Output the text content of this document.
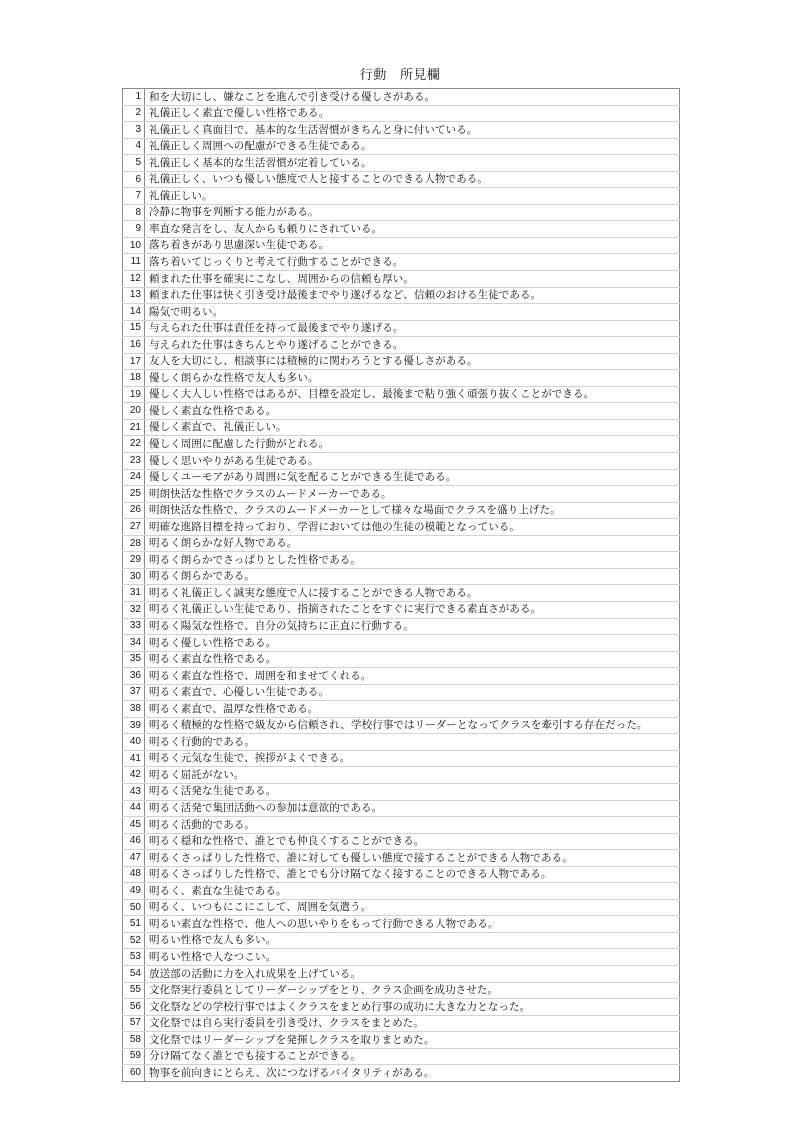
行動　所見欄
1	和を大切にし、嫌なことを進んで引き受ける優しさがある。
2	礼儀正しく素直で優しい性格である。
3	礼儀正しく真面目で、基本的な生活習慣がきちんと身に付いている。
4	礼儀正しく周囲への配慮ができる生徒である。
5	礼儀正しく基本的な生活習慣が定着している。
6	礼儀正しく、いつも優しい態度で人と接することのできる人物である。
7	礼儀正しい。
8	冷静に物事を判断する能力がある。
9	率直な発言をし、友人からも頼りにされている。
10	落ち着きがあり思慮深い生徒である。
11	落ち着いてじっくりと考えて行動することができる。
12	頼まれた仕事を確実にこなし、周囲からの信頼も厚い。
13	頼まれた仕事は快く引き受け最後までやり遂げるなど、信頼のおける生徒である。
14	陽気で明るい。
15	与えられた仕事は責任を持って最後までやり遂げる。
16	与えられた仕事はきちんとやり遂げることができる。
17	友人を大切にし、相談事には積極的に関わろうとする優しさがある。
18	優しく朗らかな性格で友人も多い。
19	優しく大人しい性格ではあるが、目標を設定し、最後まで粘り強く頑張り抜くことができる。
20	優しく素直な性格である。
21	優しく素直で、礼儀正しい。
22	優しく周囲に配慮した行動がとれる。
23	優しく思いやりがある生徒である。
24	優しくユーモアがあり周囲に気を配ることができる生徒である。
25	明朗快活な性格でクラスのムードメーカーである。
26	明朗快活な性格で、クラスのムードメーカーとして様々な場面でクラスを盛り上げた。
27	明確な進路目標を持っており、学習においては他の生徒の模範となっている。
28	明るく朗らかな好人物である。
29	明るく朗らかでさっぱりとした性格である。
30	明るく朗らかである。
31	明るく礼儀正しく誠実な態度で人に接することができる人物である。
32	明るく礼儀正しい生徒であり、指摘されたことをすぐに実行できる素直さがある。
33	明るく陽気な性格で、自分の気持ちに正直に行動する。
34	明るく優しい性格である。
35	明るく素直な性格である。
36	明るく素直な性格で、周囲を和ませてくれる。
37	明るく素直で、心優しい生徒である。
38	明るく素直で、温厚な性格である。
39	明るく積極的な性格で級友から信頼され、学校行事ではリーダーとなってクラスを牽引する存在だった。
40	明るく行動的である。
41	明るく元気な生徒で、挨拶がよくできる。
42	明るく屈託がない。
43	明るく活発な生徒である。
44	明るく活発で集団活動への参加は意欲的である。
45	明るく活動的である。
46	明るく穏和な性格で、誰とでも仲良くすることができる。
47	明るくさっぱりした性格で、誰に対しても優しい態度で接することができる人物である。
48	明るくさっぱりした性格で、誰とでも分け隔てなく接することのできる人物である。
49	明るく、素直な生徒である。
50	明るく、いつもにこにこして、周囲を気遣う。
51	明るい素直な性格で、他人への思いやりをもって行動できる人物である。
52	明るい性格で友人も多い。
53	明るい性格で人なつこい。
54	放送部の活動に力を入れ成果を上げている。
55	文化祭実行委員としてリーダーシップをとり、クラス企画を成功させた。
56	文化祭などの学校行事ではよくクラスをまとめ行事の成功に大きな力となった。
57	文化祭では自ら実行委員を引き受け、クラスをまとめた。
58	文化祭ではリーダーシップを発揮しクラスを取りまとめた。
59	分け隔てなく誰とでも接することができる。
60	物事を前向きにとらえ、次につなげるバイタリティがある。
